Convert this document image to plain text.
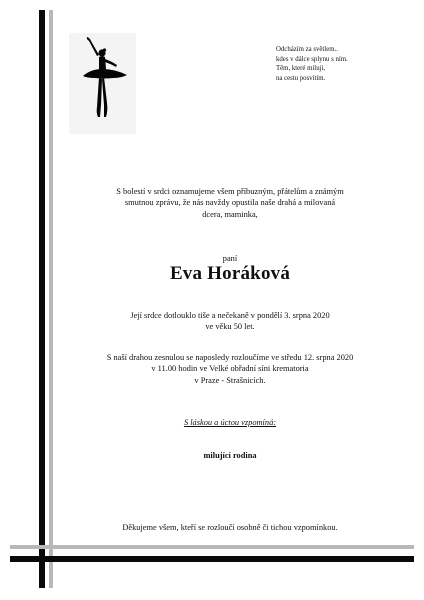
Odcházím za světlem..
kdes v dálce splynu s ním.
Těm, které miluji,
na cestu posvítím.
S bolestí v srdci oznamujeme všem příbuzným, přátelům a známým
smutnou zprávu, že nás navždy opustila naše drahá a milovaná
dcera, maminka,
paní
Eva Horáková
Její srdce dotlouklo tiše a nečekaně v pondělí 3. srpna 2020
ve věku 50 let.
S naší drahou zesnulou se naposledy rozloučíme ve středu 12. srpna 2020
v 11.00 hodin ve Velké obřadní síni krematoria
v Praze - Strašnicích.
S láskou a úctou vzpomíná:
milující rodina
Děkujeme všem, kteří se rozloučí osobně či tichou vzpomínkou.
